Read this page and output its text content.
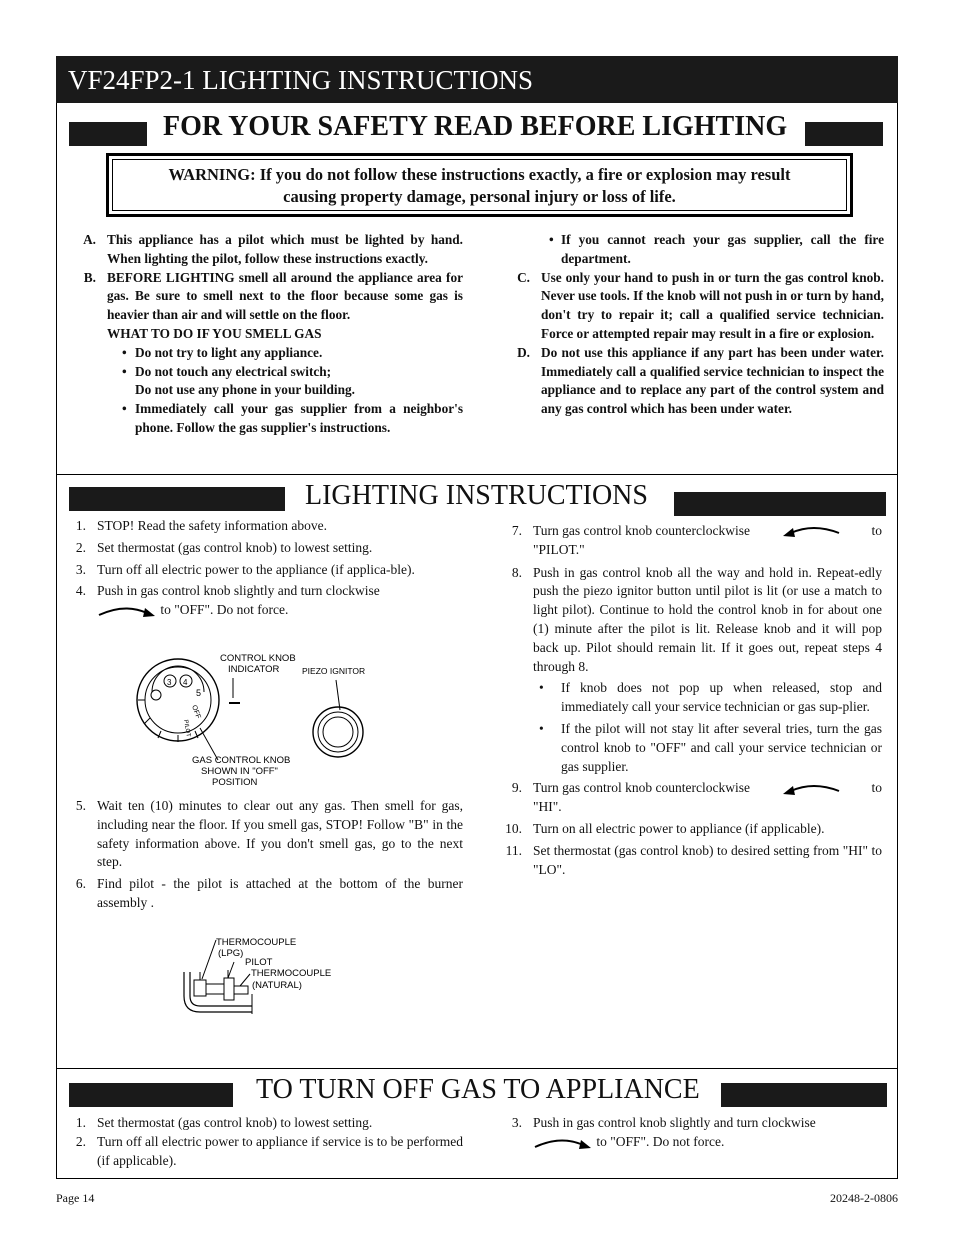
VF24FP2-1 LIGHTING INSTRUCTIONS
FOR YOUR SAFETY READ BEFORE LIGHTING
WARNING: If you do not follow these instructions exactly, a fire or explosion may result
causing property damage, personal injury or loss of life.
A. This appliance has a pilot which must be lighted by hand. When lighting the pilot, follow these instructions exactly.
B. BEFORE LIGHTING smell all around the appliance area for gas. Be sure to smell next to the floor because some gas is heavier than air and will settle on the floor.
WHAT TO DO IF YOU SMELL GAS
• Do not try to light any appliance.
• Do not touch any electrical switch;
Do not use any phone in your building.
• Immediately call your gas supplier from a neighbor's phone. Follow the gas supplier's instructions.
• If you cannot reach your gas supplier, call the fire department.
C. Use only your hand to push in or turn the gas control knob. Never use tools. If the knob will not push in or turn by hand, don't try to repair it; call a qualified service technician. Force or attempted repair may result in a fire or explosion.
D. Do not use this appliance if any part has been under water. Immediately call a qualified service technician to inspect the appliance and to replace any part of the control system and any gas control which has been under water.
LIGHTING INSTRUCTIONS
1. STOP! Read the safety information above.
2. Set thermostat (gas control knob) to lowest setting.
3. Turn off all electric power to the appliance (if applica-ble).
4. Push in gas control knob slightly and turn clockwise
to "OFF". Do not force.
3 4
5
OFF
PILOT
CONTROL KNOB
INDICATOR	PIEZO IGNITOR
GAS CONTROL KNOB
SHOWN IN "OFF"
POSITION
5. Wait ten (10) minutes to clear out any gas. Then smell for gas, including near the floor. If you smell gas, STOP! Follow "B" in the safety information above. If you don't smell gas, go to the next step.
6. Find pilot - the pilot is attached at the bottom of the burner assembly .
THERMOCOUPLE
(LPG)
PILOT
THERMOCOUPLE
(NATURAL)
7. Turn gas control knob counterclockwise	to
"PILOT."
8. Push in gas control knob all the way and hold in. Repeat-edly push the piezo ignitor button until pilot is lit (or use a match to light pilot). Continue to hold the control knob in for about one (1) minute after the pilot is lit. Release knob and it will pop back up. Pilot should remain lit. If it goes out, repeat steps 4 through 8.
• If knob does not pop up when released, stop and immediately call your service technician or gas sup-plier.
• If the pilot will not stay lit after several tries, turn the gas control knob to "OFF" and call your service technician or gas supplier.
9. Turn gas control knob counterclockwise	to
"HI".
10. Turn on all electric power to appliance (if applicable).
11. Set thermostat (gas control knob) to desired setting from "HI" to "LO".
TO TURN OFF GAS TO APPLIANCE
1. Set thermostat (gas control knob) to lowest setting.
2. Turn off all electric power to appliance if service is to be performed (if applicable).
3. Push in gas control knob slightly and turn clockwise
to "OFF". Do not force.
Page 14	20248-2-0806
